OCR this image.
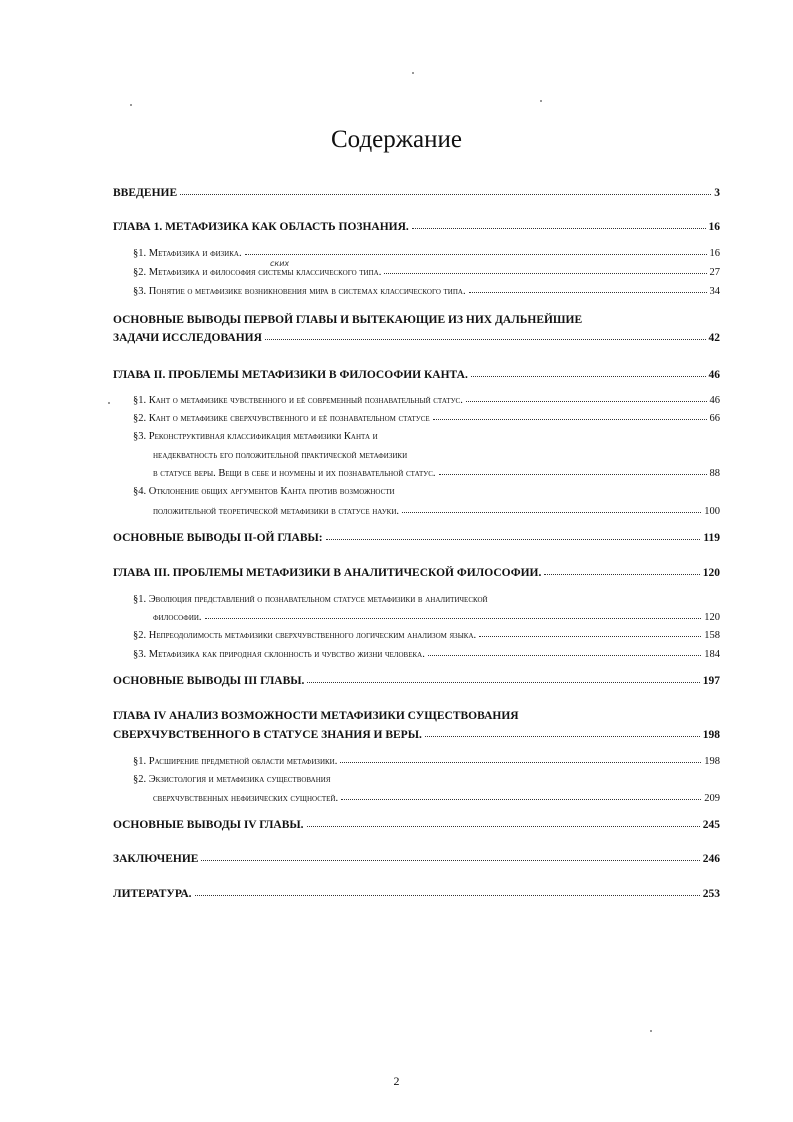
Содержание
ВВЕДЕНИЕ	3
ГЛАВА 1. МЕТАФИЗИКА КАК ОБЛАСТЬ ПОЗНАНИЯ.	16
§1. Метафизика и физика.	16
ских
§2. Метафизика и философия системы классического типа.	27
§3. Понятие о метафизике возникновения мира в системах классического типа.	34
ОСНОВНЫЕ ВЫВОДЫ ПЕРВОЙ ГЛАВЫ И ВЫТЕКАЮЩИЕ ИЗ НИХ ДАЛЬНЕЙШИЕ
ЗАДАЧИ ИССЛЕДОВАНИЯ	42
ГЛАВА II. ПРОБЛЕМЫ МЕТАФИЗИКИ В ФИЛОСОФИИ КАНТА.	46
§1. Кант о метафизике чувственного и её современный познавательный статус.	46
§2. Кант о метафизике сверхчувственного и её познавательном статусе	66
§3. Реконструктивная классификация метафизики Канта и
неадекватность его положительной практической метафизики
в статусе веры. Вещи в себе и ноумены и их познавательной статус.	88
§4. Отклонение общих аргументов Канта против возможности
положительной теоретической метафизики в статусе науки.	100
ОСНОВНЫЕ ВЫВОДЫ II-ОЙ ГЛАВЫ:	119
ГЛАВА III. ПРОБЛЕМЫ МЕТАФИЗИКИ В АНАЛИТИЧЕСКОЙ ФИЛОСОФИИ.	120
§1. Эволюция представлений о познавательном статусе метафизики в аналитической
философии.	120
§2. Непреодолимость метафизики сверхчувственного логическим анализом языка.	158
§3. Метафизика как природная склонность и чувство жизни человека.	184
ОСНОВНЫЕ ВЫВОДЫ III ГЛАВЫ.	197
ГЛАВА IV АНАЛИЗ ВОЗМОЖНОСТИ МЕТАФИЗИКИ СУЩЕСТВОВАНИЯ
СВЕРХЧУВСТВЕННОГО В СТАТУСЕ ЗНАНИЯ И ВЕРЫ.	198
§1. Расширение предметной области метафизики.	198
§2. Экзистология и метафизика существования
сверхчувственных нефизических сущностей.	209
ОСНОВНЫЕ ВЫВОДЫ IV ГЛАВЫ.	245
ЗАКЛЮЧЕНИЕ	246
ЛИТЕРАТУРА.	253
2
